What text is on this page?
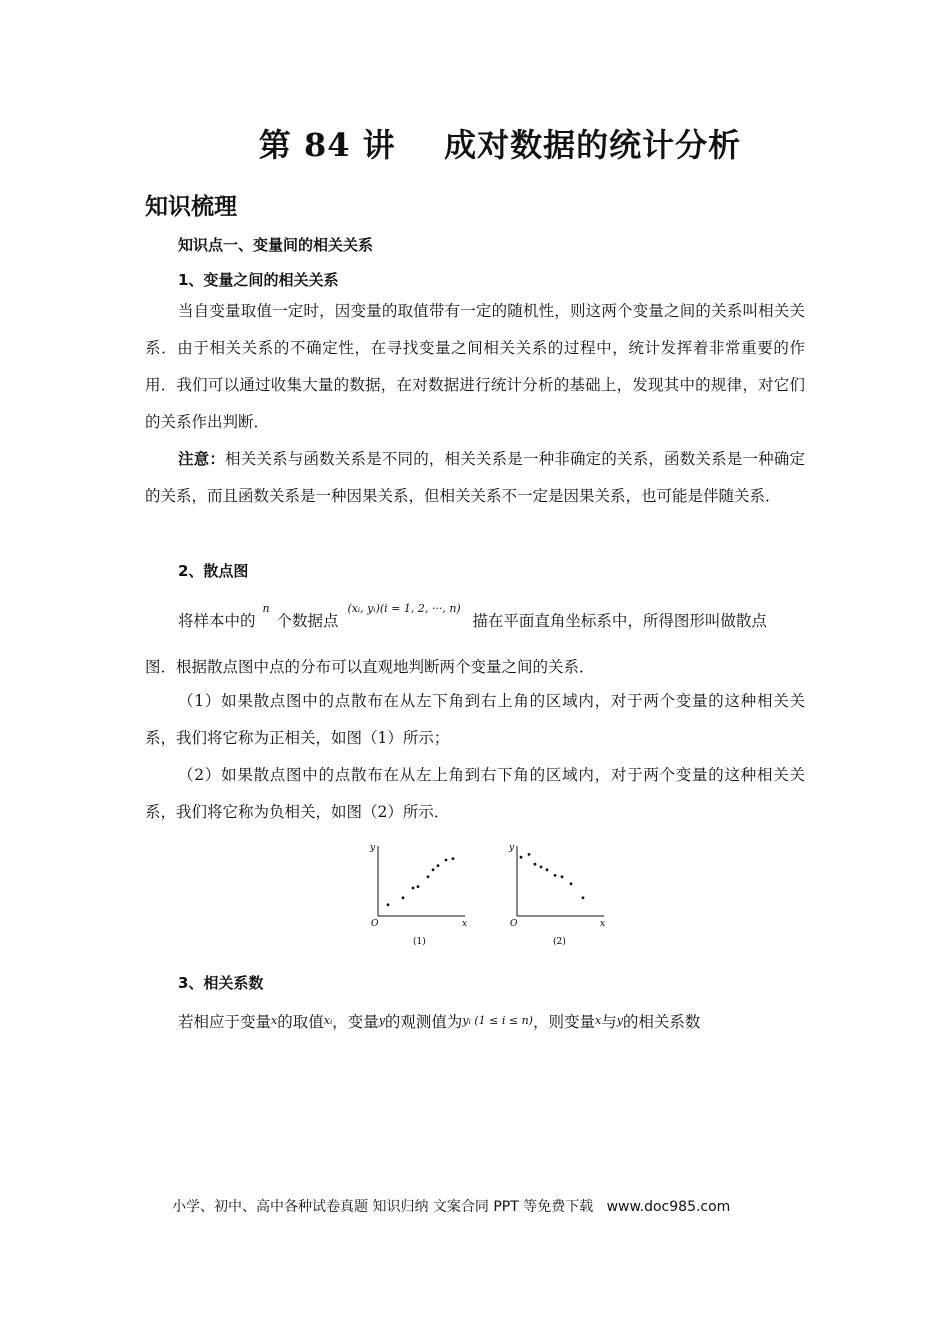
第 84 讲    成对数据的统计分析
知识梳理
知识点一、变量间的相关关系
1、变量之间的相关关系

当自变量取值一定时，因变量的取值带有一定的随机性，则这两个变量之间的关系叫相关关系．由于相关关系的不确定性，在寻找变量之间相关关系的过程中，统计发挥着非常重要的作用．我们可以通过收集大量的数据，在对数据进行统计分析的基础上，发现其中的规律，对它们的关系作出判断．

注意：相关关系与函数关系是不同的，相关关系是一种非确定的关系，函数关系是一种确定的关系，而且函数关系是一种因果关系，但相关关系不一定是因果关系，也可能是伴随关系．

2、散点图
将样本中的 $^n$ 个数据点 (xᵢ, yᵢ)(i = 1, 2, ···, n) 描在平面直角坐标系中，所得图形叫做散点
图．根据散点图中点的分布可以直观地判断两个变量之间的关系．

（1）如果散点图中的点散布在从左下角到右上角的区域内，对于两个变量的这种相关关系，我们将它称为正相关，如图（1）所示；

（2）如果散点图中的点散布在从左上角到右下角的区域内，对于两个变量的这种相关关系，我们将它称为负相关，如图（2）所示．

y
x
O
(1)
y
x
O
(2)
3、相关系数
若相应于变量x的取值xᵢ，变量y的观测值为yᵢ (1 ≤ i ≤ n)，则变量x与y的相关系数
小学、初中、高中各种试卷真题 知识归纳 文案合同 PPT 等免费下载   www.doc985.com
